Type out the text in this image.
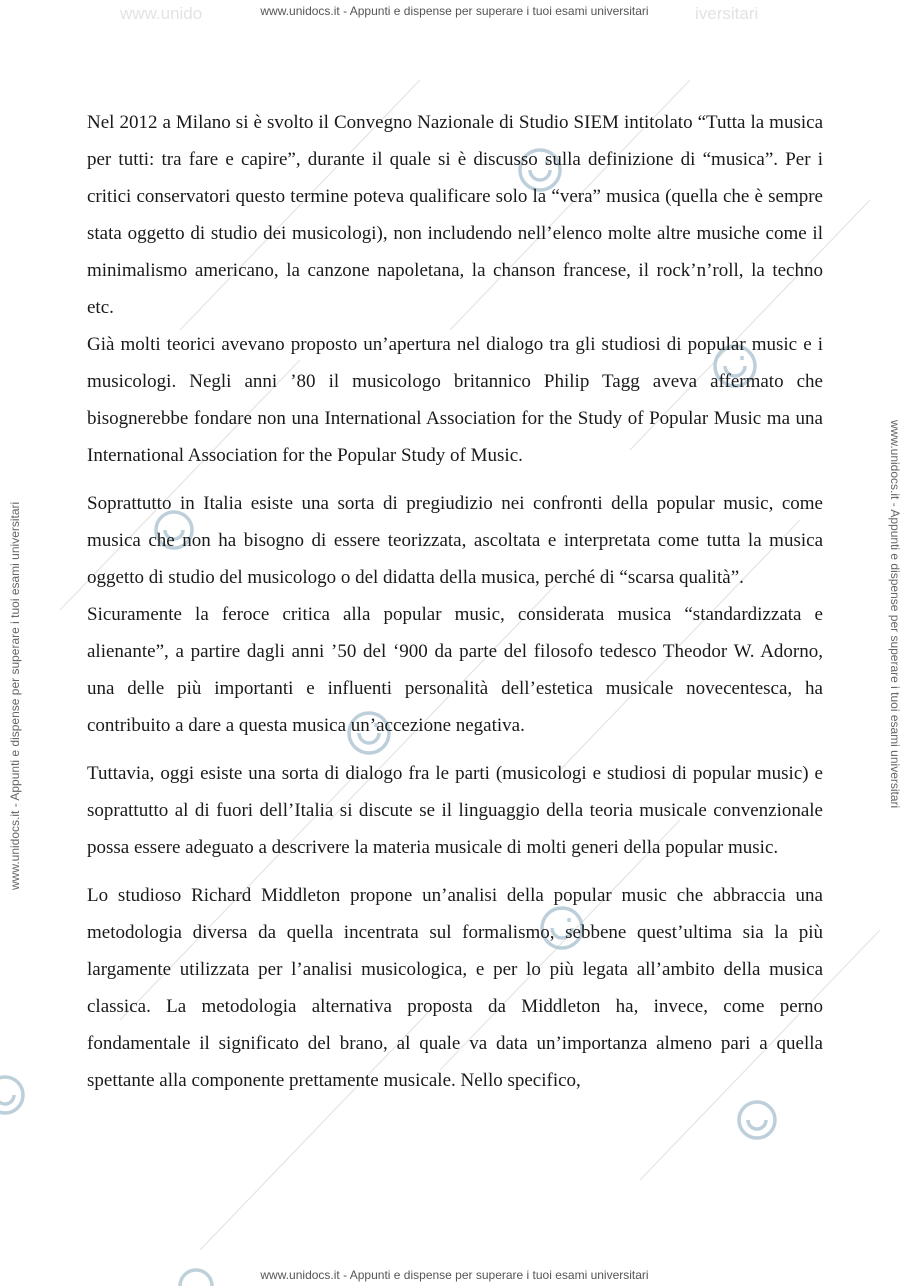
www.unido	iversitari
www.unidocs.it - Appunti e dispense per superare i tuoi esami universitari
www.unidocs.it - Appunti e dispense per superare i tuoi esami universitari	www.unidocs.it - Appunti e dispense per superare i tuoi esami universitari

Nel 2012 a Milano si è svolto il Convegno Nazionale di Studio SIEM intitolato “Tutta la musica per tutti: tra fare e capire”, durante il quale si è discusso sulla definizione di “musica”. Per i critici conservatori questo termine poteva qualificare solo la “vera” musica (quella che è sempre stata oggetto di studio dei musicologi), non includendo nell’elenco molte altre musiche come il minimalismo americano, la canzone napoletana, la chanson francese, il rock’n’roll, la techno etc.

Già molti teorici avevano proposto un’apertura nel dialogo tra gli studiosi di popular music e i musicologi. Negli anni ’80 il musicologo britannico Philip Tagg aveva affermato che bisognerebbe fondare non una International Association for the Study of Popular Music ma una International Association for the Popular Study of Music.

Soprattutto in Italia esiste una sorta di pregiudizio nei confronti della popular music, come musica che non ha bisogno di essere teorizzata, ascoltata e interpretata come tutta la musica oggetto di studio del musicologo o del didatta della musica, perché di “scarsa qualità”.

Sicuramente la feroce critica alla popular music, considerata musica “standardizzata e alienante”, a partire dagli anni ’50 del ‘900 da parte del filosofo tedesco Theodor W. Adorno, una delle più importanti e influenti personalità dell’estetica musicale novecentesca, ha contribuito a dare a questa musica un’accezione negativa.

Tuttavia, oggi esiste una sorta di dialogo fra le parti (musicologi e studiosi di popular music) e soprattutto al di fuori dell’Italia si discute se il linguaggio della teoria musicale convenzionale possa essere adeguato a descrivere la materia musicale di molti generi della popular music.

Lo studioso Richard Middleton propone un’analisi della popular music che abbraccia una metodologia diversa da quella incentrata sul formalismo, sebbene quest’ultima sia la più largamente utilizzata per l’analisi musicologica, e per lo più legata all’ambito della musica classica. La metodologia alternativa proposta da Middleton ha, invece, come perno fondamentale il significato del brano, al quale va data un’importanza almeno pari a quella spettante alla componente prettamente musicale. Nello specifico,

www.unidocs.it - Appunti e dispense per superare i tuoi esami universitari
